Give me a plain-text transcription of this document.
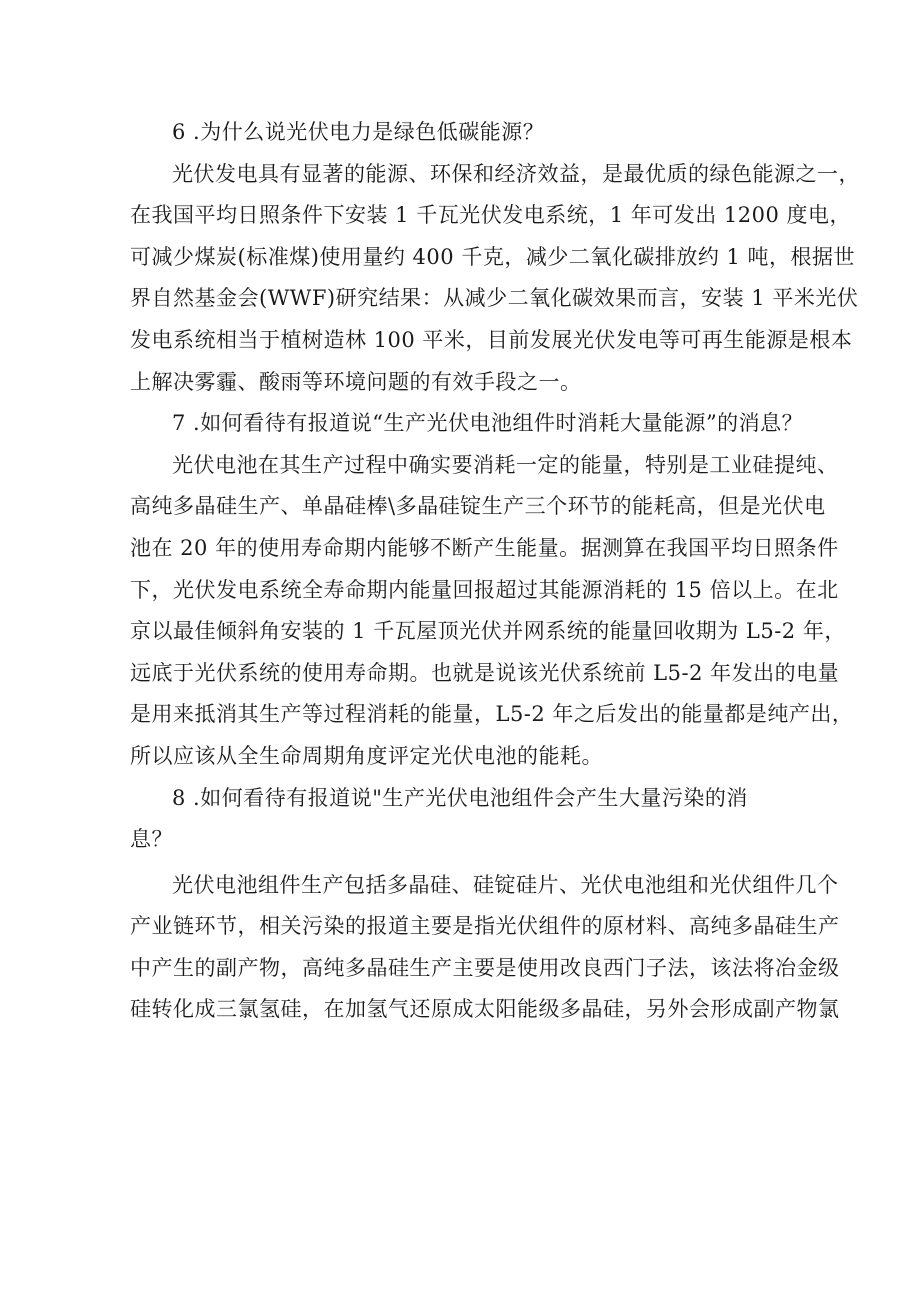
6 .为什么说光伏电力是绿色低碳能源？
光伏发电具有显著的能源、环保和经济效益，是最优质的绿色能源之一，
在我国平均日照条件下安装 1 千瓦光伏发电系统，1 年可发出 1200 度电，
可减少煤炭(标准煤)使用量约 400 千克，减少二氧化碳排放约 1 吨，根据世
界自然基金会(WWF)研究结果：从减少二氧化碳效果而言，安装 1 平米光伏
发电系统相当于植树造林 100 平米，目前发展光伏发电等可再生能源是根本
上解决雾霾、酸雨等环境问题的有效手段之一。
7 .如何看待有报道说“生产光伏电池组件时消耗大量能源”的消息？
光伏电池在其生产过程中确实要消耗一定的能量，特别是工业硅提纯、
高纯多晶硅生产、单晶硅棒\多晶硅锭生产三个环节的能耗高，但是光伏电
池在 20 年的使用寿命期内能够不断产生能量。据测算在我国平均日照条件
下，光伏发电系统全寿命期内能量回报超过其能源消耗的 15 倍以上。在北
京以最佳倾斜角安装的 1 千瓦屋顶光伏并网系统的能量回收期为 L5-2 年，
远底于光伏系统的使用寿命期。也就是说该光伏系统前 L5-2 年发出的电量
是用来抵消其生产等过程消耗的能量，L5-2 年之后发出的能量都是纯产出，
所以应该从全生命周期角度评定光伏电池的能耗。
8 .如何看待有报道说"生产光伏电池组件会产生大量污染的消
息？
光伏电池组件生产包括多晶硅、硅锭硅片、光伏电池组和光伏组件几个
产业链环节，相关污染的报道主要是指光伏组件的原材料、高纯多晶硅生产
中产生的副产物，高纯多晶硅生产主要是使用改良西门子法，该法将冶金级
硅转化成三氯氢硅，在加氢气还原成太阳能级多晶硅，另外会形成副产物氯
